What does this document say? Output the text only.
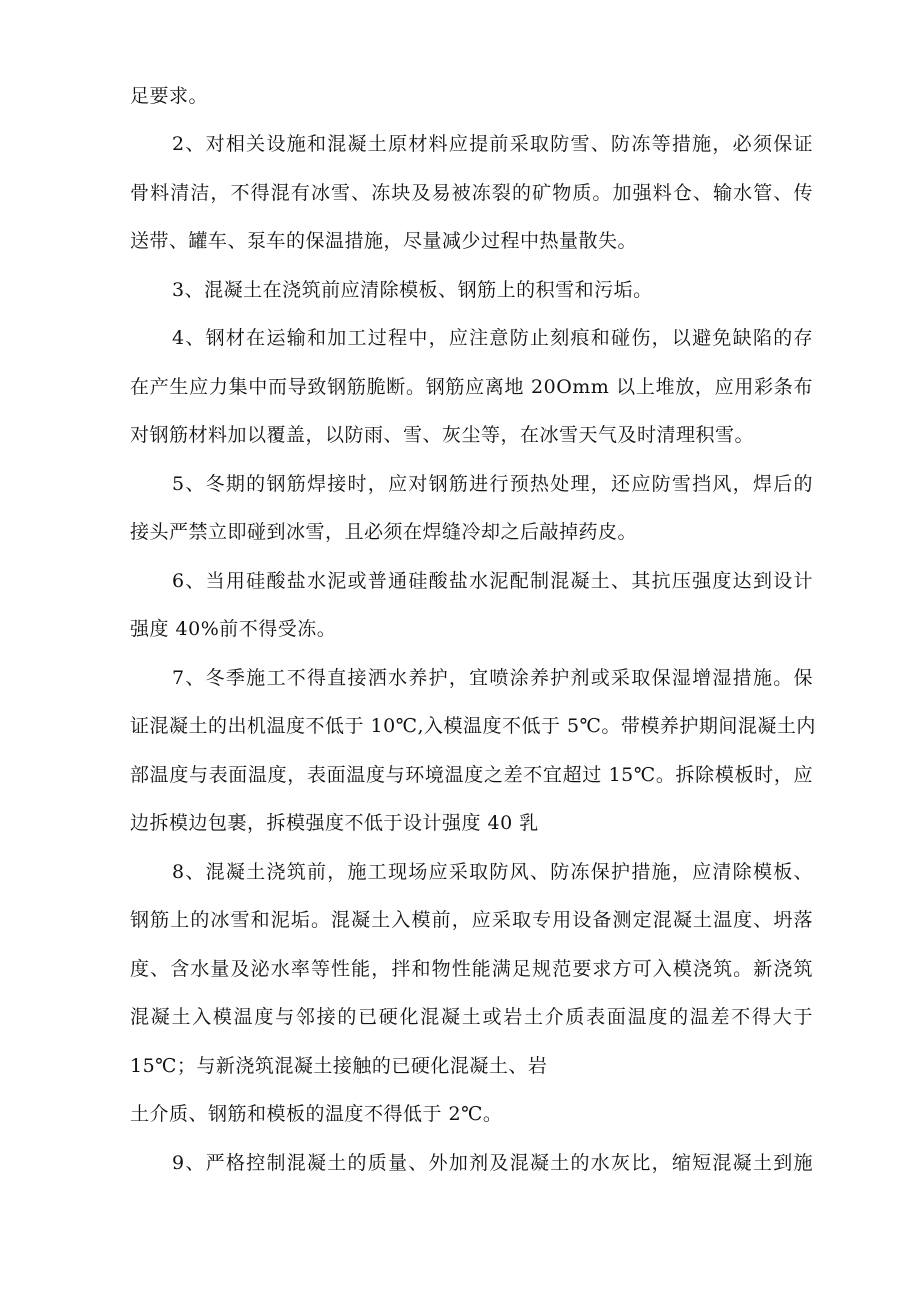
足要求。
2、对相关设施和混凝土原材料应提前采取防雪、防冻等措施，必须保证
骨料清洁，不得混有冰雪、冻块及易被冻裂的矿物质。加强料仓、输水管、传
送带、罐车、泵车的保温措施，尽量减少过程中热量散失。
3、混凝土在浇筑前应清除模板、钢筋上的积雪和污垢。
4、钢材在运输和加工过程中，应注意防止刻痕和碰伤，以避免缺陷的存
在产生应力集中而导致钢筋脆断。钢筋应离地 20Omm 以上堆放，应用彩条布
对钢筋材料加以覆盖，以防雨、雪、灰尘等，在冰雪天气及时清理积雪。
5、冬期的钢筋焊接时，应对钢筋进行预热处理，还应防雪挡风，焊后的
接头严禁立即碰到冰雪，且必须在焊缝冷却之后敲掉药皮。
6、当用硅酸盐水泥或普通硅酸盐水泥配制混凝土、其抗压强度达到设计
强度 40%前不得受冻。
7、冬季施工不得直接洒水养护，宜喷涂养护剂或采取保湿增湿措施。保
证混凝土的出机温度不低于 10℃,入模温度不低于 5℃。带模养护期间混凝土内
部温度与表面温度，表面温度与环境温度之差不宜超过 15℃。拆除模板时，应
边拆模边包裹，拆模强度不低于设计强度 40 乳
8、混凝土浇筑前，施工现场应采取防风、防冻保护措施，应清除模板、
钢筋上的冰雪和泥垢。混凝土入模前，应采取专用设备测定混凝土温度、坍落
度、含水量及泌水率等性能，拌和物性能满足规范要求方可入模浇筑。新浇筑
混凝土入模温度与邻接的已硬化混凝土或岩土介质表面温度的温差不得大于
15℃；与新浇筑混凝土接触的已硬化混凝土、岩
土介质、钢筋和模板的温度不得低于 2℃。
9、严格控制混凝土的质量、外加剂及混凝土的水灰比，缩短混凝土到施
